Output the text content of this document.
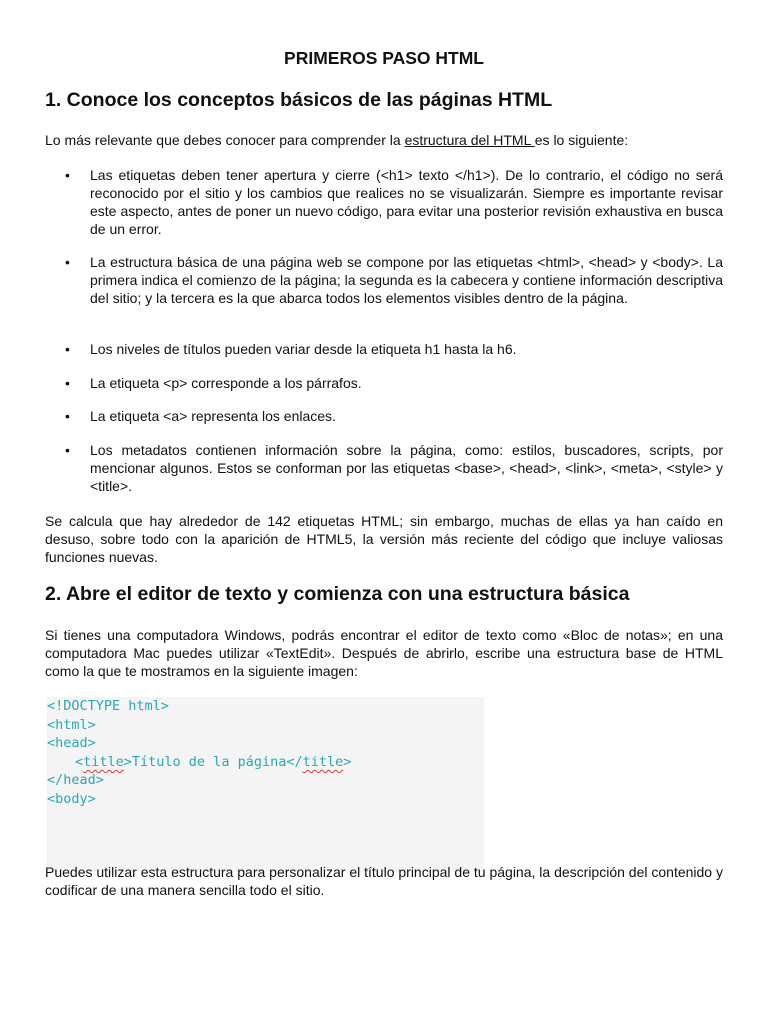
PRIMEROS PASO HTML
1. Conoce los conceptos básicos de las páginas HTML

Lo más relevante que debes conocer para comprender la estructura del HTML es lo siguiente:

• Las etiquetas deben tener apertura y cierre (<h1> texto </h1>). De lo contrario, el código no será reconocido por el sitio y los cambios que realices no se visualizarán. Siempre es importante revisar este aspecto, antes de poner un nuevo código, para evitar una posterior revisión exhaustiva en busca de un error.
• La estructura básica de una página web se compone por las etiquetas <html>, <head> y <body>. La primera indica el comienzo de la página; la segunda es la cabecera y contiene información descriptiva del sitio; y la tercera es la que abarca todos los elementos visibles dentro de la página.
• Los niveles de títulos pueden variar desde la etiqueta h1 hasta la h6.
• La etiqueta <p> corresponde a los párrafos.
• La etiqueta <a> representa los enlaces.
• Los metadatos contienen información sobre la página, como: estilos, buscadores, scripts, por mencionar algunos. Estos se conforman por las etiquetas <base>, <head>, <link>, <meta>, <style> y <title>.

Se calcula que hay alrededor de 142 etiquetas HTML; sin embargo, muchas de ellas ya han caído en desuso, sobre todo con la aparición de HTML5, la versión más reciente del código que incluye valiosas funciones nuevas.

2. Abre el editor de texto y comienza con una estructura básica

Si tienes una computadora Windows, podrás encontrar el editor de texto como «Bloc de notas»; en una computadora Mac puedes utilizar «TextEdit». Después de abrirlo, escribe una estructura base de HTML como la que te mostramos en la siguiente imagen:

<!DOCTYPE html>
<html>
<head>
<title>Título de la página</title>
</head>
<body>

Puedes utilizar esta estructura para personalizar el título principal de tu página, la descripción del contenido y codificar de una manera sencilla todo el sitio.
